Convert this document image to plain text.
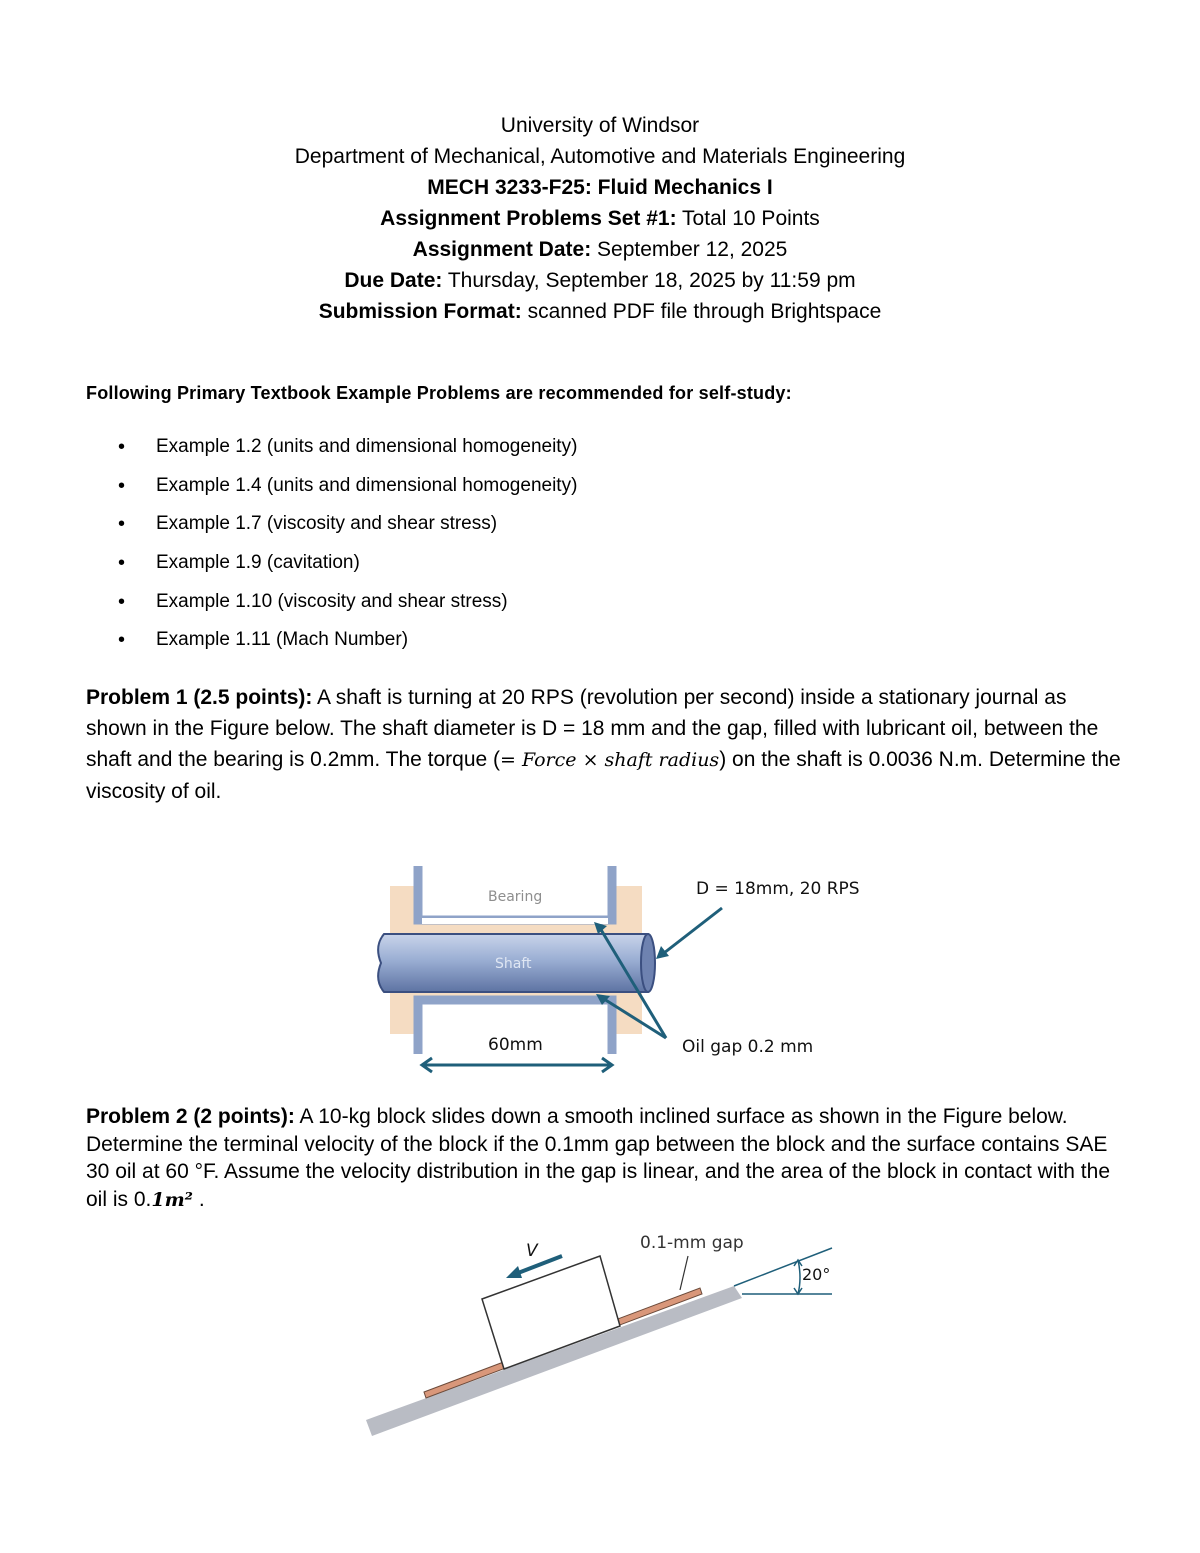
University of Windsor
Department of Mechanical, Automotive and Materials Engineering
MECH 3233-F25: Fluid Mechanics I
Assignment Problems Set #1: Total 10 Points
Assignment Date: September 12, 2025
Due Date: Thursday, September 18, 2025 by 11:59 pm
Submission Format: scanned PDF file through Brightspace
Following Primary Textbook Example Problems are recommended for self-study:
• Example 1.2 (units and dimensional homogeneity)
• Example 1.4 (units and dimensional homogeneity)
• Example 1.7 (viscosity and shear stress)
• Example 1.9 (cavitation)
• Example 1.10 (viscosity and shear stress)
• Example 1.11 (Mach Number)
Problem 1 (2.5 points): A shaft is turning at 20 RPS (revolution per second) inside a stationary journal as shown in the Figure below. The shaft diameter is D = 18 mm and the gap, filled with lubricant oil, between the shaft and the bearing is 0.2mm. The torque (= Force × shaft radius) on the shaft is 0.0036 N.m. Determine the viscosity of oil.
Bearing
Shaft
D = 18mm, 20 RPS
Oil gap 0.2 mm
60mm
Problem 2 (2 points): A 10-kg block slides down a smooth inclined surface as shown in the Figure below. Determine the terminal velocity of the block if the 0.1mm gap between the block and the surface contains SAE 30 oil at 60 °F. Assume the velocity distribution in the gap is linear, and the area of the block in contact with the oil is 0.1m² .
20°
V	0.1-mm gap
